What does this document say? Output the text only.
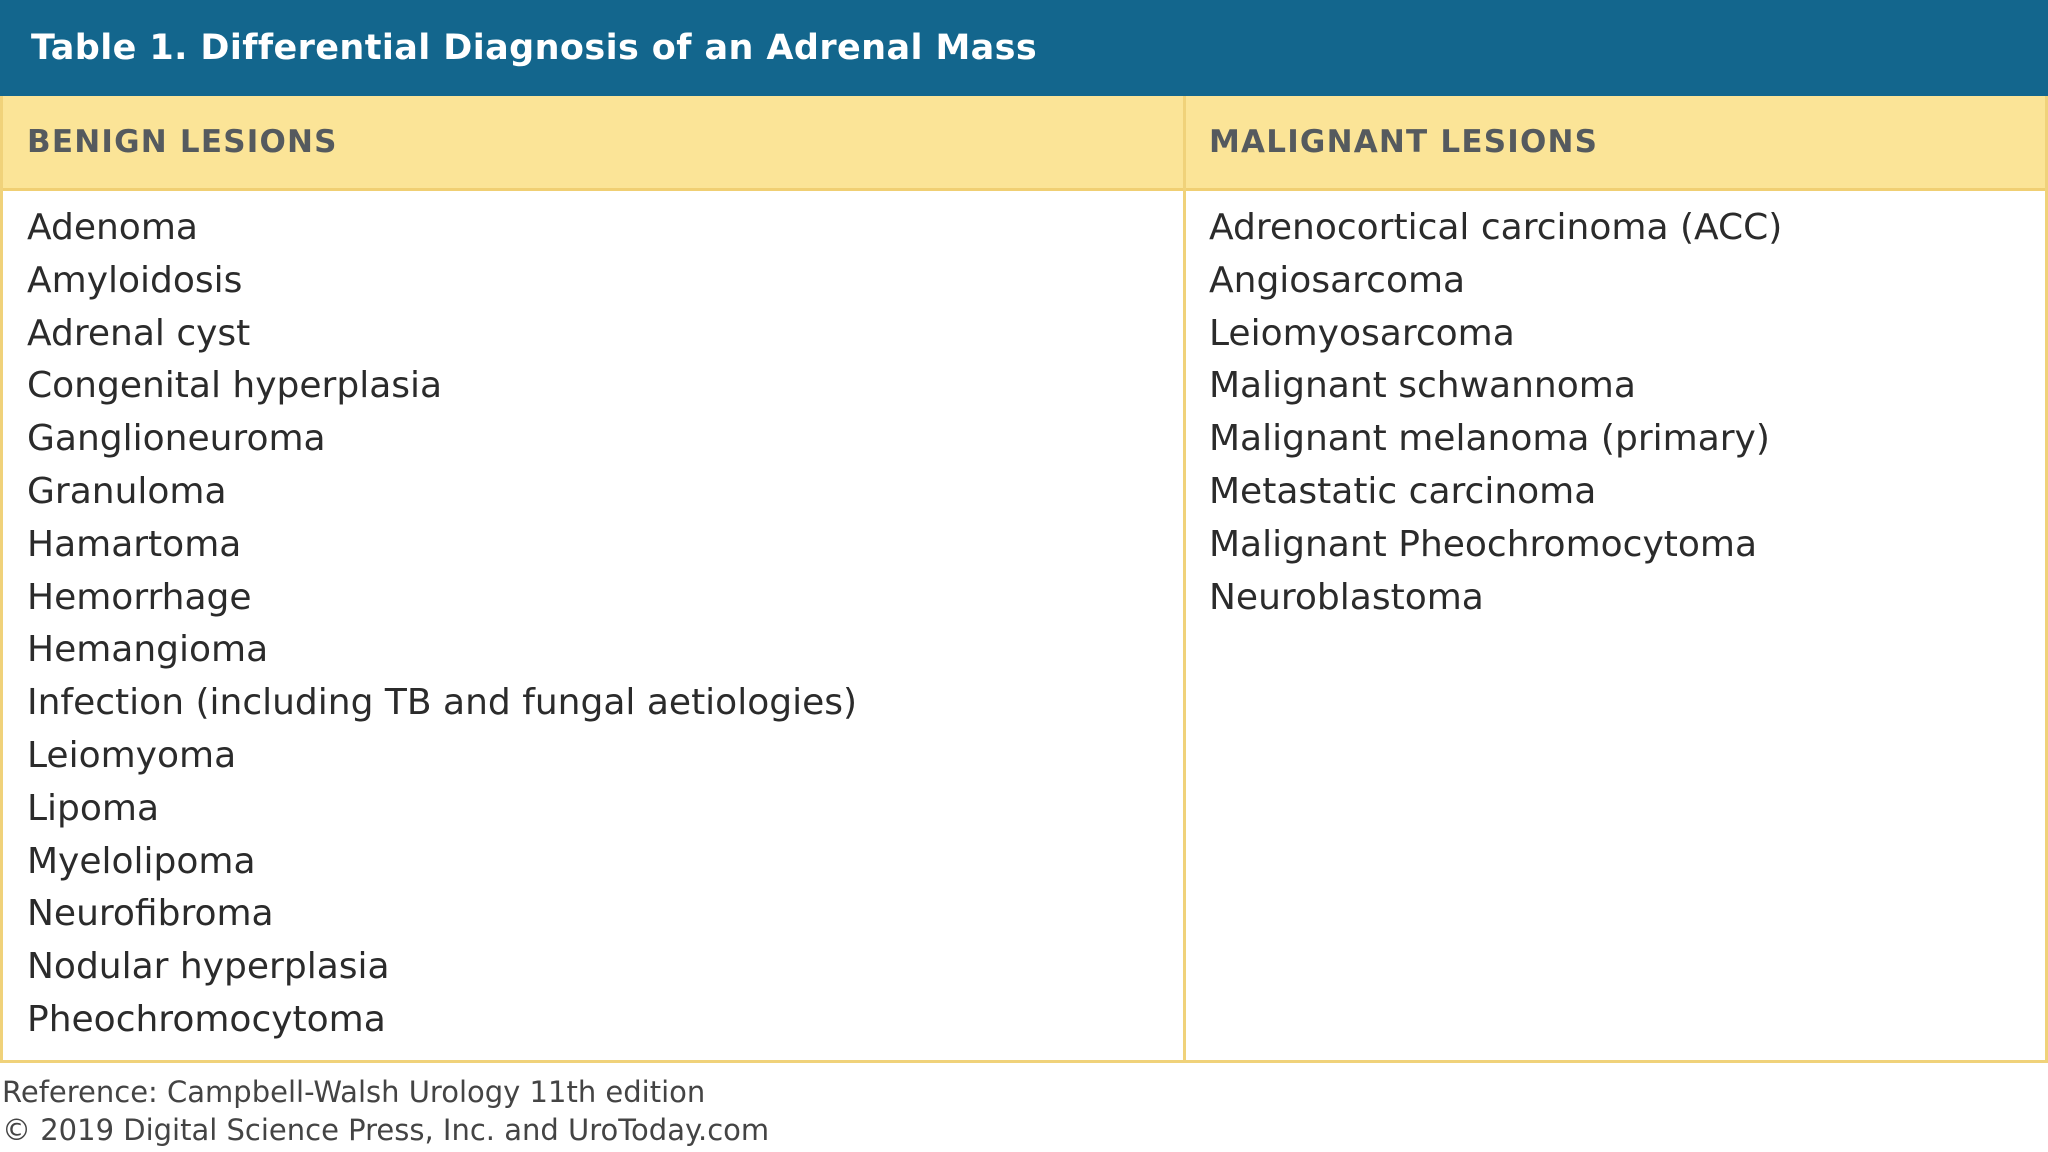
Table 1. Differential Diagnosis of an Adrenal Mass
BENIGN LESIONS	MALIGNANT LESIONS
Adenoma
Amyloidosis
Adrenal cyst
Congenital hyperplasia
Ganglioneuroma
Granuloma
Hamartoma
Hemorrhage
Hemangioma
Infection (including TB and fungal aetiologies)
Leiomyoma
Lipoma
Myelolipoma
Neurofibroma
Nodular hyperplasia
Pheochromocytoma
Adrenocortical carcinoma (ACC)
Angiosarcoma
Leiomyosarcoma
Malignant schwannoma
Malignant melanoma (primary)
Metastatic carcinoma
Malignant Pheochromocytoma
Neuroblastoma
Reference: Campbell-Walsh Urology 11th edition
© 2019 Digital Science Press, Inc. and UroToday.com
